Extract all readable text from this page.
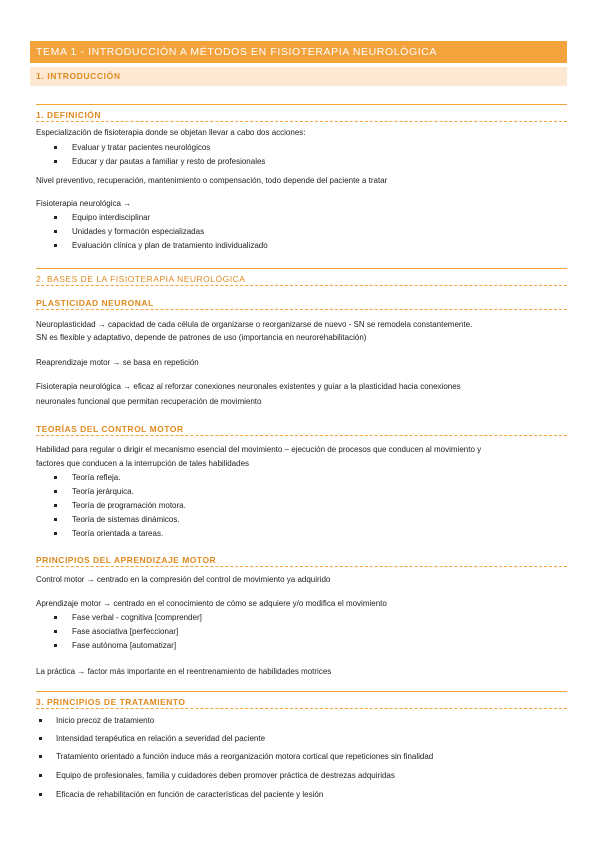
TEMA 1 - INTRODUCCIÓN A MÉTODOS EN FISIOTERAPIA NEUROLÓGICA
1. INTRODUCCIÓN
1. DEFINICIÓN
Especialización de fisioterapia donde se objetan llevar a cabo dos acciones:
Evaluar y tratar pacientes neurológicos
Educar y dar pautas a familiar y resto de profesionales
Nivel preventivo, recuperación, mantenimiento o compensación, todo depende del paciente a tratar
Fisioterapia neurológica →
Equipo interdisciplinar
Unidades y formación especializadas
Evaluación clínica y plan de tratamiento individualizado
2. BASES DE LA FISIOTERAPIA NEUROLÓGICA
PLASTICIDAD NEURONAL
Neuroplasticidad → capacidad de cada célula de organizarse o reorganizarse de nuevo - SN se remodela constantemente.
SN es flexible y adaptativo, depende de patrones de uso (importancia en neurorehabilitación)
Reaprendizaje motor → se basa en repetición
Fisioterapia neurológica → eficaz al reforzar conexiones neuronales existentes y guiar a la plasticidad hacia conexiones
neuronales funcional que permitan recuperación de movimiento
TEORÍAS DEL CONTROL MOTOR
Habilidad para regular o dirigir el mecanismo esencial del movimiento – ejecución de procesos que conducen al movimiento y
factores que conducen a la interrupción de tales habilidades
Teoría refleja.
Teoría jerárquica.
Teoría de programación motora.
Teoría de sistemas dinámicos.
Teoría orientada a tareas.
PRINCIPIOS DEL APRENDIZAJE MOTOR
Control motor → centrado en la compresión del control de movimiento ya adquirido
Aprendizaje motor → centrado en el conocimiento de cómo se adquiere y/o modifica el movimiento
Fase verbal - cognitiva [comprender]
Fase asociativa [perfeccionar]
Fase autónoma [automatizar]
La práctica → factor más importante en el reentrenamiento de habilidades motrices
3. PRINCIPIOS DE TRATAMIENTO
Inicio precoz de tratamiento
Intensidad terapéutica en relación a severidad del paciente
Tratamiento orientado a función induce más a reorganización motora cortical que repeticiones sin finalidad
Equipo de profesionales, familia y cuidadores deben promover práctica de destrezas adquiridas
Eficacia de rehabilitación en función de características del paciente y lesión
